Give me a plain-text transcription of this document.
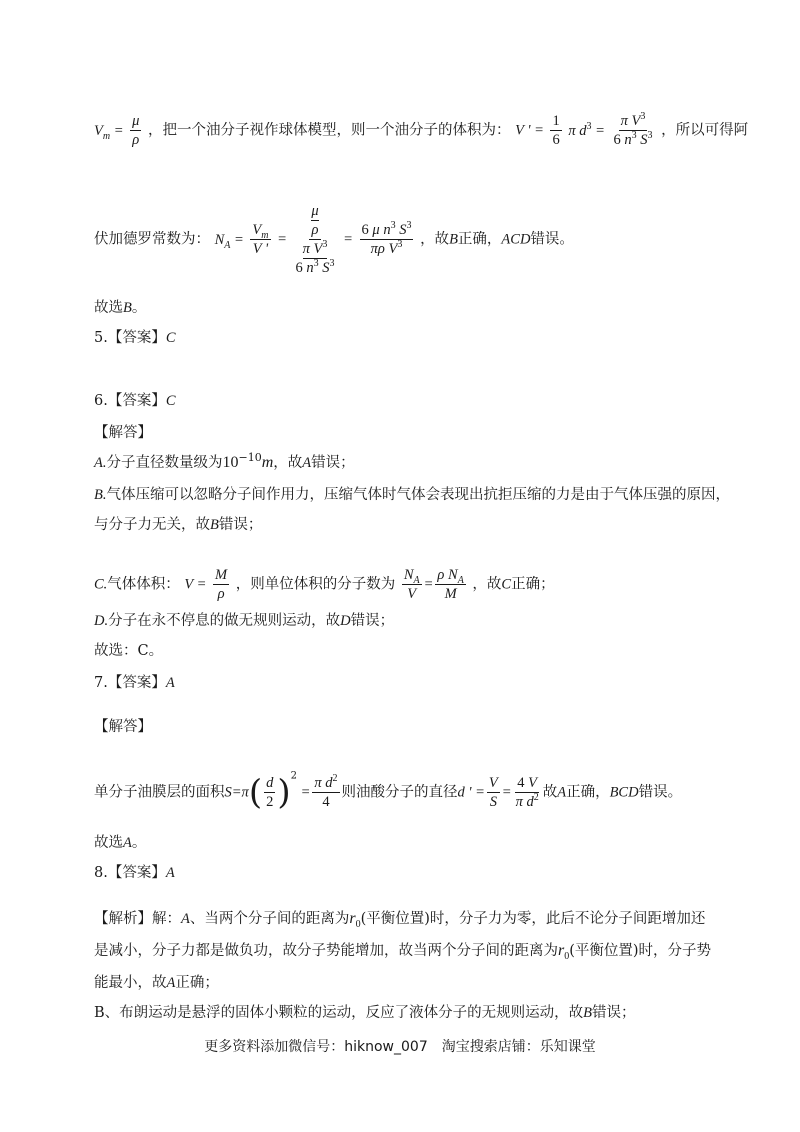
$V_m = \frac{\mu}{\rho}$ ，把一个油分子视作球体模型，则一个油分子的体积为： V ' = $\frac{1}{6}$ π $d^3 = \frac{\pi V^3}{6 n^3 S^3}$ ，所以可得阿
伏加德罗常数为： $N_A = \frac{V_m}{V '} = \mu$
ρ
π $V^3$
6 $n^3$ $S^3 = \frac{6 \mu n^3 S^3}{\pi\rho V^3}$ ，故B正确，ACD错误。
故选B。
5.【答案】C
6.【答案】C
【解答】
A.分子直径数量级为$10^{-10}m$，故A错误；
B.气体压缩可以忽略分子间作用力，压缩气体时气体会表现出抗拒压缩的力是由于气体压强的原因，
与分子力无关，故B错误；
C.气体体积： $V = \frac{M}{\rho}$ ，则单位体积的分子数为 $\frac{N_A}{V} = \frac{\rho N_A}{M}$ ，故C正确；
D.分子在永不停息的做无规则运动，故D错误；
故选：C。
7.【答案】A
【解答】
单分子油膜层的面积$S=\pi( \frac{d}{2} )^2 = \frac{\pi d^2}{4}$ 则油酸分子的直径d ' = $\frac{V}{S} = \frac{4 V}{\pi d^2}$ 故A正确，BCD错误。
故选A。
8.【答案】A
【解析】解：A、当两个分子间的距离为$r_0$(平衡位置)时，分子力为零，此后不论分子间距增加还
是减小，分子力都是做负功，故分子势能增加，故当两个分子间的距离为$r_0$(平衡位置)时，分子势
能最小，故A正确；
B、布朗运动是悬浮的固体小颗粒的运动，反应了液体分子的无规则运动，故B错误；
更多资料添加微信号：hiknow_007　淘宝搜索店铺：乐知课堂
